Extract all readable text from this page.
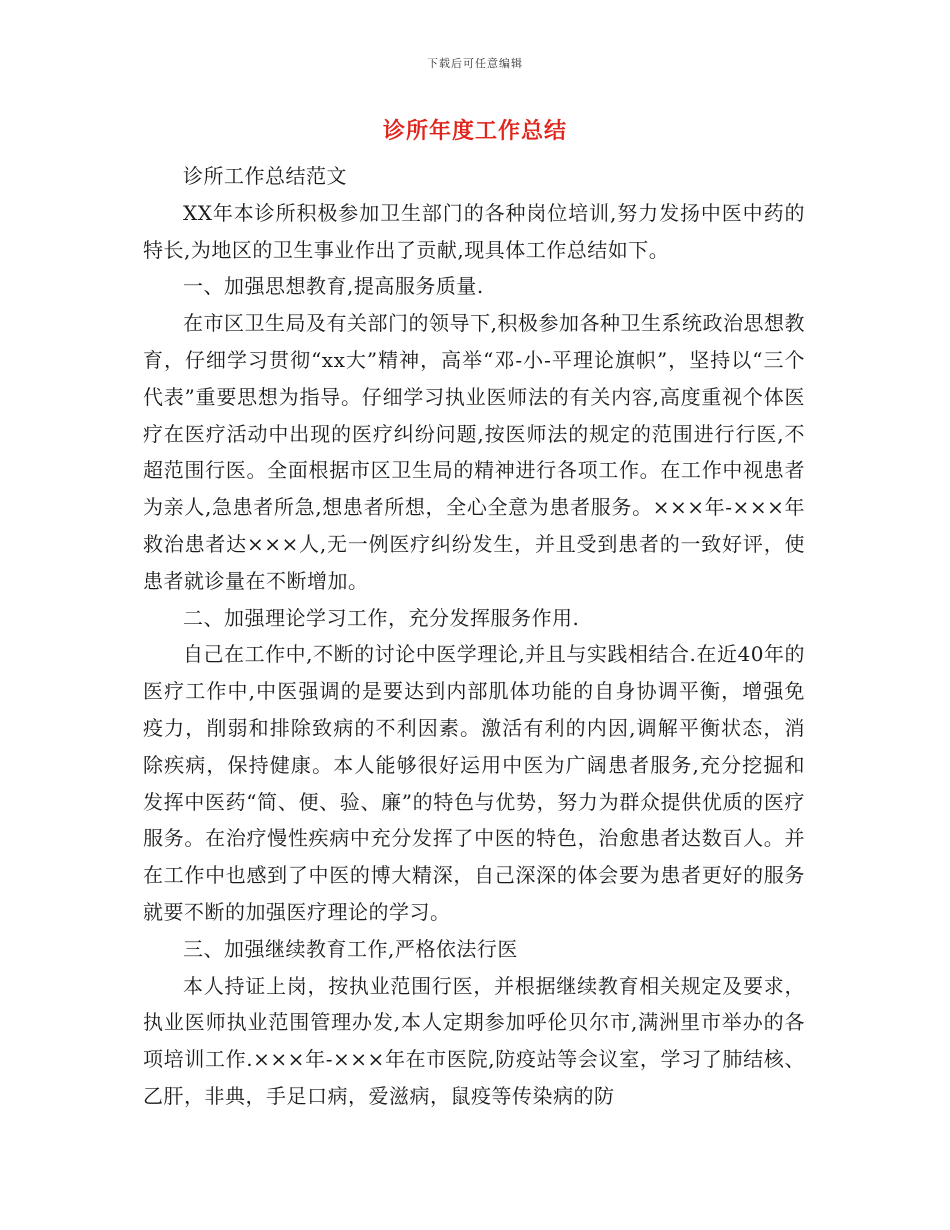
下载后可任意编辑
诊所年度工作总结

诊所工作总结范文

XX年本诊所积极参加卫生部门的各种岗位培训,努力发扬中医中药的特长,为地区的卫生事业作出了贡献,现具体工作总结如下。

一、加强思想教育,提高服务质量.

在市区卫生局及有关部门的领导下,积极参加各种卫生系统政治思想教育，仔细学习贯彻“xx大”精神，高举“邓-小-平理论旗帜”，坚持以“三个代表”重要思想为指导。仔细学习执业医师法的有关内容,高度重视个体医疗在医疗活动中出现的医疗纠纷问题,按医师法的规定的范围进行行医,不超范围行医。全面根据市区卫生局的精神进行各项工作。在工作中视患者为亲人,急患者所急,想患者所想，全心全意为患者服务。×××年-×××年救治患者达×××人,无一例医疗纠纷发生，并且受到患者的一致好评，使患者就诊量在不断增加。

二、加强理论学习工作，充分发挥服务作用.

自己在工作中,不断的讨论中医学理论,并且与实践相结合.在近40年的医疗工作中,中医强调的是要达到内部肌体功能的自身协调平衡，增强免疫力，削弱和排除致病的不利因素。激活有利的内因,调解平衡状态，消除疾病，保持健康。本人能够很好运用中医为广阔患者服务,充分挖掘和发挥中医药“简、便、验、廉”的特色与优势，努力为群众提供优质的医疗服务。在治疗慢性疾病中充分发挥了中医的特色，治愈患者达数百人。并在工作中也感到了中医的博大精深，自己深深的体会要为患者更好的服务就要不断的加强医疗理论的学习。

三、加强继续教育工作,严格依法行医

本人持证上岗，按执业范围行医，并根据继续教育相关规定及要求，执业医师执业范围管理办发,本人定期参加呼伦贝尔市,满洲里市举办的各项培训工作.×××年-×××年在市医院,防疫站等会议室，学习了肺结核、乙肝，非典，手足口病，爱滋病，鼠疫等传染病的防
